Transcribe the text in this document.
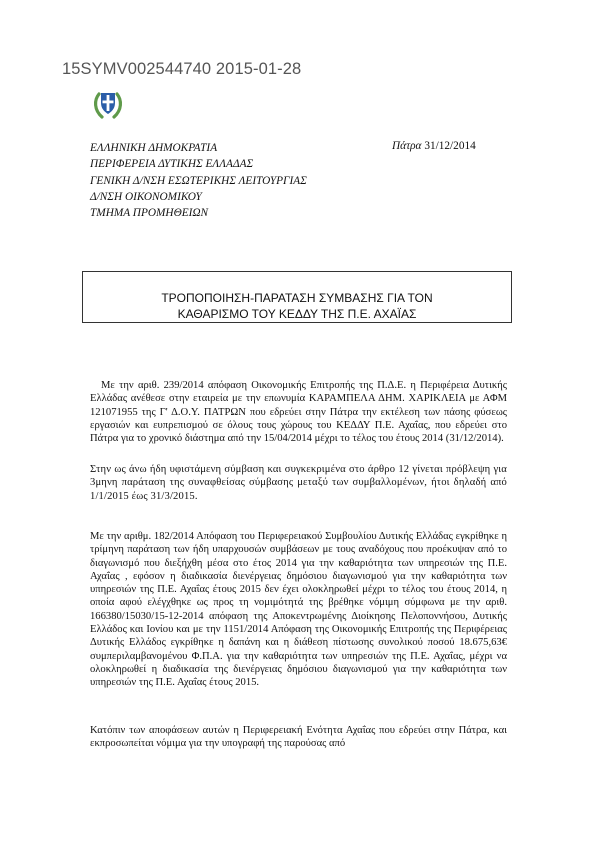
15SYMV002544740 2015-01-28
ΕΛΛΗΝΙΚΗ ΔΗΜΟΚΡΑΤΙΑ
ΠΕΡΙΦΕΡΕΙΑ ΔΥΤΙΚΗΣ ΕΛΛΑΔΑΣ
ΓΕΝΙΚΗ Δ/ΝΣΗ ΕΣΩΤΕΡΙΚΗΣ ΛΕΙΤΟΥΡΓΙΑΣ
Δ/ΝΣΗ ΟΙΚΟΝΟΜΙΚΟΥ
ΤΜΗΜΑ ΠΡΟΜΗΘΕΙΩΝ
Πάτρα 31/12/2014
ΤΡΟΠΟΠΟΙΗΣΗ-ΠΑΡΑΤΑΣΗ ΣΥΜΒΑΣΗΣ ΓΙΑ ΤΟΝ
ΚΑΘΑΡΙΣΜΟ ΤΟΥ ΚΕΔΔΥ ΤΗΣ Π.Ε. ΑΧΑΪΑΣ

Με την αριθ. 239/2014 απόφαση Οικονομικής Επιτροπής της Π.Δ.Ε. η Περιφέρεια Δυτικής Ελλάδας ανέθεσε στην εταιρεία με την επωνυμία ΚΑΡΑΜΠΕΛΑ ΔΗΜ. ΧΑΡΙΚΛΕΙΑ με ΑΦΜ 121071955 της Γ' Δ.Ο.Υ. ΠΑΤΡΩΝ που εδρεύει στην Πάτρα την εκτέλεση των πάσης φύσεως εργασιών και ευπρεπισμού σε όλους τους χώρους του ΚΕΔΔΥ Π.Ε. Αχαΐας, που εδρεύει στο Πάτρα για το χρονικό διάστημα από την 15/04/2014 μέχρι το τέλος του έτους 2014 (31/12/2014).

Στην ως άνω ήδη υφιστάμενη σύμβαση και συγκεκριμένα στο άρθρο 12 γίνεται πρόβλεψη για 3μηνη παράταση της συναφθείσας σύμβασης μεταξύ των συμβαλλομένων, ήτοι δηλαδή από 1/1/2015 έως 31/3/2015.

Με την αριθμ. 182/2014 Απόφαση του Περιφερειακού Συμβουλίου Δυτικής Ελλάδας εγκρίθηκε η τρίμηνη παράταση των ήδη υπαρχουσών συμβάσεων με τους αναδόχους που προέκυψαν από το διαγωνισμό που διεξήχθη μέσα στο έτος 2014 για την καθαριότητα των υπηρεσιών της Π.Ε. Αχαΐας , εφόσον η διαδικασία διενέργειας δημόσιου διαγωνισμού για την καθαριότητα των υπηρεσιών της Π.Ε. Αχαΐας έτους 2015 δεν έχει ολοκληρωθεί μέχρι το τέλος του έτους 2014, η οποία αφού ελέγχθηκε ως προς τη νομιμότητά της βρέθηκε νόμιμη σύμφωνα με την αριθ. 166380/15030/15-12-2014 απόφαση της Αποκεντρωμένης Διοίκησης Πελοποννήσου, Δυτικής Ελλάδος και Ιονίου και με την 1151/2014 Απόφαση της Οικονομικής Επιτροπής της Περιφέρειας Δυτικής Ελλάδος εγκρίθηκε η δαπάνη και η διάθεση πίστωσης συνολικού ποσού 18.675,63€ συμπεριλαμβανομένου Φ.Π.Α. για την καθαριότητα των υπηρεσιών της Π.Ε. Αχαΐας, μέχρι να ολοκληρωθεί η διαδικασία της διενέργειας δημόσιου διαγωνισμού για την καθαριότητα των υπηρεσιών της Π.Ε. Αχαΐας έτους 2015.

Κατόπιν των αποφάσεων αυτών η Περιφερειακή Ενότητα Αχαΐας που εδρεύει στην Πάτρα, και εκπροσωπείται νόμιμα για την υπογραφή της παρούσας από
